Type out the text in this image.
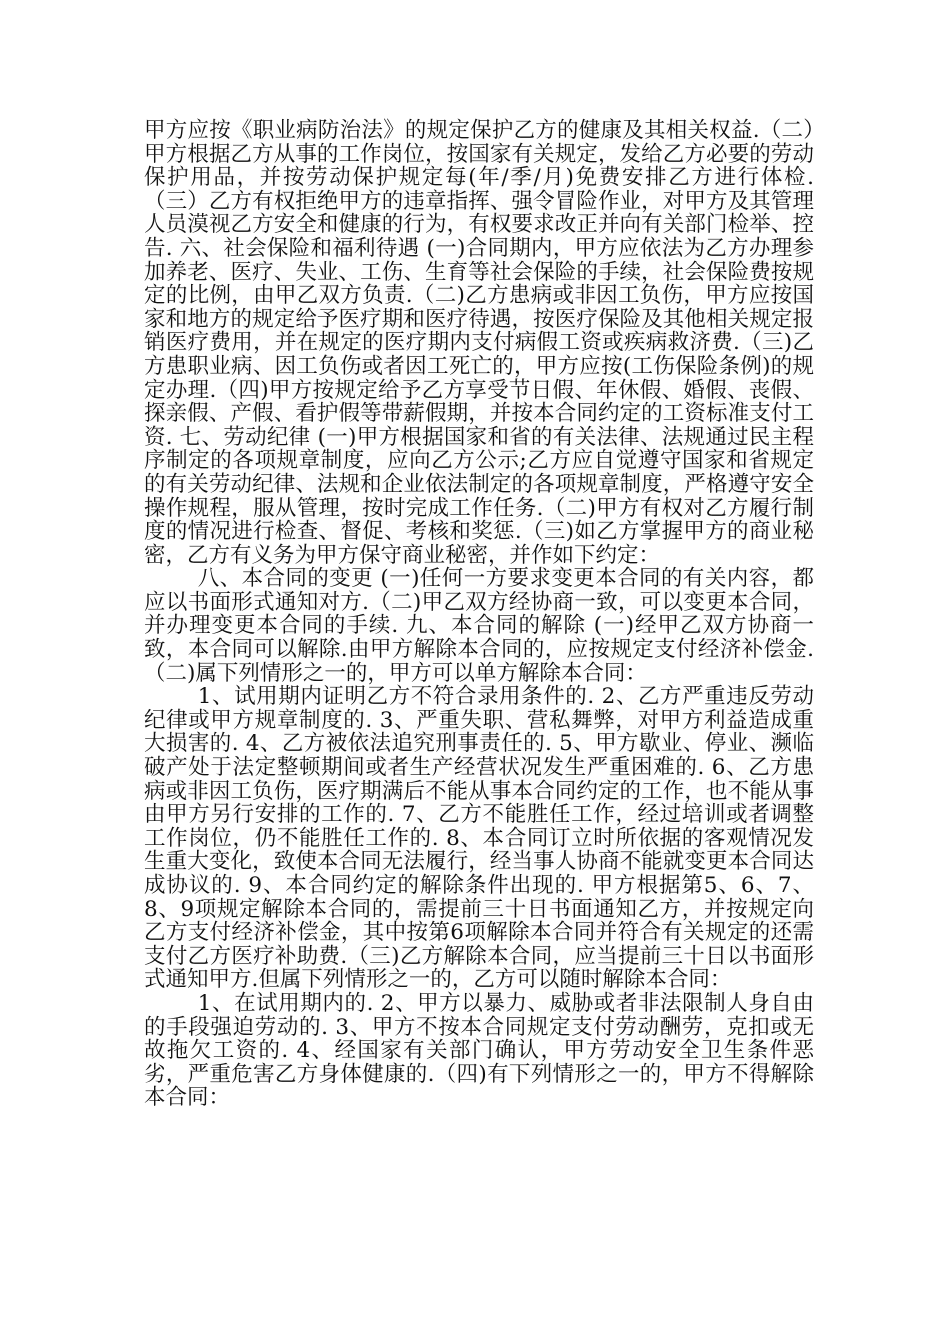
甲方应按《职业病防治法》的规定保护乙方的健康及其相关权益.（二）甲方根据乙方从事的工作岗位，按国家有关规定，发给乙方必要的劳动保护用品，并按劳动保护规定每(年/季/月)免费安排乙方进行体检.（三）乙方有权拒绝甲方的违章指挥、强令冒险作业，对甲方及其管理人员漠视乙方安全和健康的行为，有权要求改正并向有关部门检举、控告. 六、社会保险和福利待遇 (一)合同期内，甲方应依法为乙方办理参加养老、医疗、失业、工伤、生育等社会保险的手续，社会保险费按规定的比例，由甲乙双方负责.（二)乙方患病或非因工负伤，甲方应按国家和地方的规定给予医疗期和医疗待遇，按医疗保险及其他相关规定报销医疗费用，并在规定的医疗期内支付病假工资或疾病救济费.（三)乙方患职业病、因工负伤或者因工死亡的，甲方应按(工伤保险条例)的规定办理.（四)甲方按规定给予乙方享受节日假、年休假、婚假、丧假、探亲假、产假、看护假等带薪假期，并按本合同约定的工资标准支付工资. 七、劳动纪律 (一)甲方根据国家和省的有关法律、法规通过民主程序制定的各项规章制度，应向乙方公示;乙方应自觉遵守国家和省规定的有关劳动纪律、法规和企业依法制定的各项规章制度，严格遵守安全操作规程，服从管理，按时完成工作任务.（二)甲方有权对乙方履行制度的情况进行检查、督促、考核和奖惩.（三)如乙方掌握甲方的商业秘密，乙方有义务为甲方保守商业秘密，并作如下约定：

八、本合同的变更 (一)任何一方要求变更本合同的有关内容，都应以书面形式通知对方.（二)甲乙双方经协商一致，可以变更本合同，并办理变更本合同的手续. 九、本合同的解除 (一)经甲乙双方协商一致，本合同可以解除.由甲方解除本合同的，应按规定支付经济补偿金.（二)属下列情形之一的，甲方可以单方解除本合同：

1、试用期内证明乙方不符合录用条件的. 2、乙方严重违反劳动纪律或甲方规章制度的. 3、严重失职、营私舞弊，对甲方利益造成重大损害的. 4、乙方被依法追究刑事责任的. 5、甲方歇业、停业、濒临破产处于法定整顿期间或者生产经营状况发生严重困难的. 6、乙方患病或非因工负伤，医疗期满后不能从事本合同约定的工作，也不能从事由甲方另行安排的工作的. 7、乙方不能胜任工作，经过培训或者调整工作岗位，仍不能胜任工作的. 8、本合同订立时所依据的客观情况发生重大变化，致使本合同无法履行，经当事人协商不能就变更本合同达成协议的. 9、本合同约定的解除条件出现的. 甲方根据第5、6、7、8、9项规定解除本合同的，需提前三十日书面通知乙方，并按规定向乙方支付经济补偿金，其中按第6项解除本合同并符合有关规定的还需支付乙方医疗补助费.（三)乙方解除本合同，应当提前三十日以书面形式通知甲方.但属下列情形之一的，乙方可以随时解除本合同：

1、在试用期内的. 2、甲方以暴力、威胁或者非法限制人身自由的手段强迫劳动的. 3、甲方不按本合同规定支付劳动酬劳，克扣或无故拖欠工资的. 4、经国家有关部门确认，甲方劳动安全卫生条件恶劣，严重危害乙方身体健康的.（四)有下列情形之一的，甲方不得解除本合同：
